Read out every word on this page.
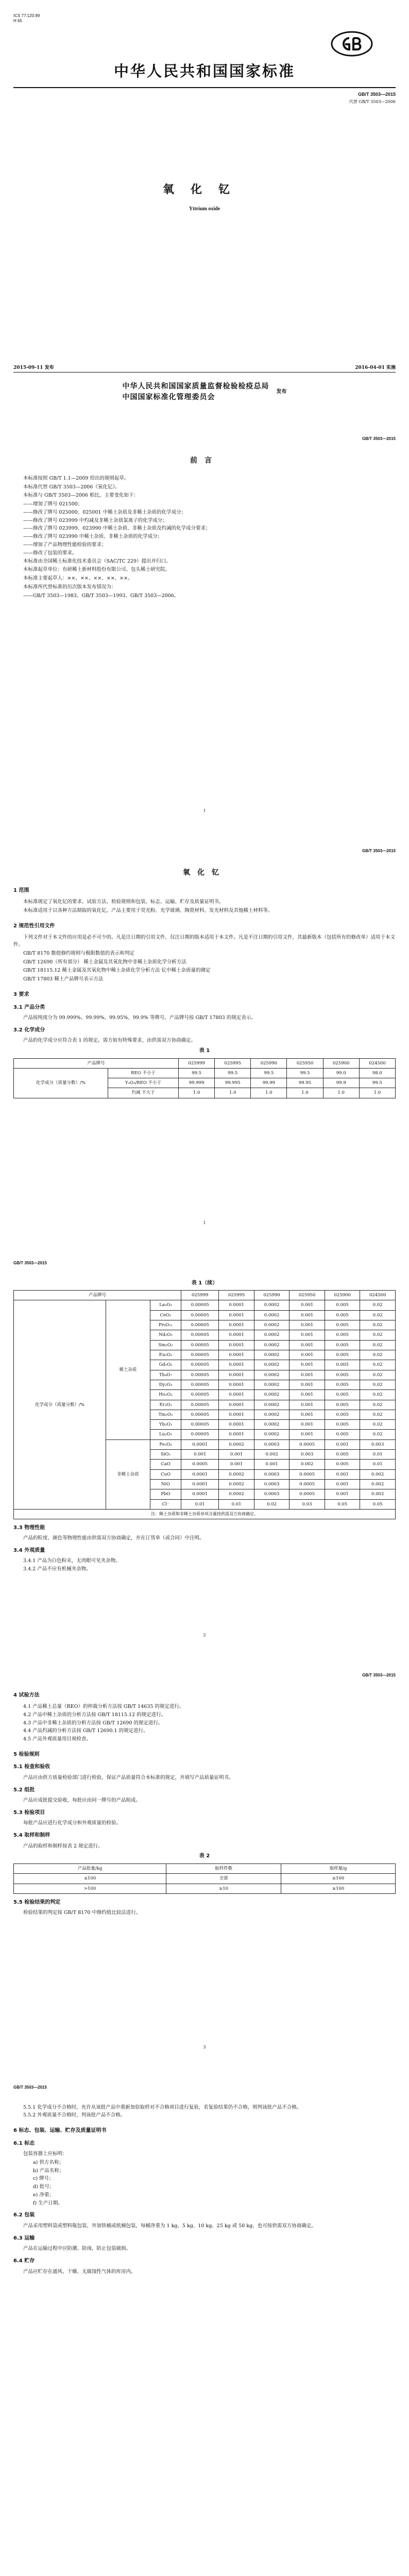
ICS 77.120.99
H 65
中华人民共和国国家标准
GB/T 3503—2015
代替 GB/T 3503—2006
氧化钇
Yttrium oxide
2015-09-11 发布	2016-04-01 实施
中华人民共和国国家质量监督检验检疫总局
中国国家标准化管理委员会
发布
GB/T 3503—2015
前言

本标准按照 GB/T 1.1—2009 给出的规则起草。

本标准代替 GB/T 3503—2006《氧化钇》。

本标准与 GB/T 3503—2006 相比，主要变化如下：

——增加了牌号 021500；

——修改了牌号 025000、025001 中稀土杂质及非稀土杂质的化学成分；

——修改了牌号 023999 中灼减及非稀土杂质氯离子的化学成分；

——修改了牌号 023999、023990 中稀土杂质、非稀土杂质及灼减的化学成分要求；

——修改了牌号 023990 中稀土杂质、非稀土杂质的化学成分；

——增加了产品物理性能检验的要求；

——修改了包装的要求。

本标准由全国稀土标准化技术委员会（SAC/TC 229）提出并归口。

本标准起草单位：有研稀土新材料股份有限公司、包头稀土研究院。

本标准主要起草人：××、××、××、××、××。

本标准所代替标准的历次版本发布情况为：

——GB/T 3503—1983、GB/T 3503—1993、GB/T 3503—2006。

I
GB/T 3503—2015
氧化钇
1 范围

本标准规定了氧化钇的要求、试验方法、检验规则和包装、标志、运输、贮存及质量证明书。

本标准适用于以各种方法制取的氧化钇，产品主要用于荧光粉、光学玻璃、陶瓷材料、发光材料及其他稀土材料等。

2 规范性引用文件

下列文件对于本文件的应用是必不可少的。凡是注日期的引用文件，仅注日期的版本适用于本文件。凡是不注日期的引用文件，其最新版本（包括所有的修改单）适用于本文件。

GB/T 8170 数值修约规则与极限数值的表示和判定

GB/T 12690（所有部分） 稀土金属及其氧化物中非稀土杂质化学分析方法

GB/T 18115.12 稀土金属及其氧化物中稀土杂质化学分析方法 钇中稀土杂质量的测定

GB/T 17803 稀土产品牌号表示方法

3 要求
3.1 产品分类

产品按纯度分为 99.999%、99.99%、99.95%、99.9% 等牌号，产品牌号按 GB/T 17803 的规定表示。

3.2 化学成分

产品的化学成分应符合表 1 的规定。需方如有特殊要求，由供需双方协商确定。

表 1
产品牌号		025999	025995	025990	025950	025900	024500
化学成分（质量分数）/%	REO 不小于	99.5	99.5	99.5	99.5	99.0	98.0
	Y₂O₃/REO 不小于	99.999	99.995	99.99	99.95	99.9	99.5
	灼减 不大于	1.0	1.0	1.0	1.0	1.0	1.0
1
GB/T 3503—2015
表 1（续）
产品牌号			025999	025995	025990	025950	025900	024500
化学成分（质量分数）/%	稀土杂质	La₂O₃	0.00005	0.0001	0.0002	0.001	0.005	0.02
		CeO₂	0.00005	0.0001	0.0002	0.001	0.005	0.02
		Pr₆O₁₁	0.00005	0.0001	0.0002	0.001	0.005	0.02
		Nd₂O₃	0.00005	0.0001	0.0002	0.001	0.005	0.02
		Sm₂O₃	0.00005	0.0001	0.0002	0.001	0.005	0.02
		Eu₂O₃	0.00005	0.0001	0.0002	0.001	0.005	0.02
		Gd₂O₃	0.00005	0.0001	0.0002	0.001	0.005	0.02
		Tb₄O₇	0.00005	0.0001	0.0002	0.001	0.005	0.02
		Dy₂O₃	0.00005	0.0001	0.0002	0.001	0.005	0.02
		Ho₂O₃	0.00005	0.0001	0.0002	0.001	0.005	0.02
		Er₂O₃	0.00005	0.0001	0.0002	0.001	0.005	0.02
		Tm₂O₃	0.00005	0.0001	0.0002	0.001	0.005	0.02
		Yb₂O₃	0.00005	0.0001	0.0002	0.001	0.005	0.02
		Lu₂O₃	0.00005	0.0001	0.0002	0.001	0.005	0.02
	非稀土杂质	Fe₂O₃	0.0001	0.0002	0.0003	0.0005	0.001	0.003
		SiO₂	0.001	0.001	0.002	0.003	0.005	0.01
		CaO	0.0005	0.001	0.001	0.002	0.005	0.01
		CuO	0.0001	0.0002	0.0003	0.0005	0.001	0.002
		NiO	0.0001	0.0002	0.0003	0.0005	0.001	0.002
		PbO	0.0001	0.0002	0.0003	0.0005	0.001	0.002
		Cl⁻	0.01	0.01	0.02	0.03	0.05	0.05
注：稀土杂质和非稀土杂质单项含量按供需双方协商确定。								
3.3 物理性能

产品的粒度、颜色等物理性能由供需双方协商确定，并在订货单（或合同）中注明。

3.4 外观质量

3.4.1 产品为白色粉末，无肉眼可见夹杂物。

3.4.2 产品不应有机械夹杂物。

2
GB/T 3503—2015
4 试验方法

4.1 产品稀土总量（REO）的仲裁分析方法按 GB/T 14635 的规定进行。

4.2 产品中稀土杂质的分析方法按 GB/T 18115.12 的规定进行。

4.3 产品中非稀土杂质的分析方法按 GB/T 12690 的规定进行。

4.4 产品灼减的分析方法按 GB/T 12690.1 的规定进行。

4.5 产品外观质量用目视检查。

5 检验规则
5.1 检查和验收

产品应由供方质量检验部门进行检验，保证产品质量符合本标准的规定，并填写产品质量证明书。

5.2 组批

产品应成批提交验收，每批应由同一牌号的产品组成。

5.3 检验项目

每批产品应进行化学成分和外观质量的检验。

5.4 取样和制样

产品的取样和制样按表 2 规定进行。

表 2
产品批量/kg	取样件数	取样量/g
≤100	全部	≥100
>100	≥10	≥100
5.5 检验结果的判定

检验结果的判定按 GB/T 8170 中修约值比较法进行。

3
GB/T 3503—2015

5.5.1 化学成分不合格时，允许从该批产品中重新加倍取样对不合格项目进行复验，若复验结果仍不合格，则判该批产品不合格。

5.5.2 外观质量不合格时，判该批产品不合格。

6 标志、包装、运输、贮存及质量证明书
6.1 标志

包装容器上应标明：

a) 供方名称；

b) 产品名称；

c) 牌号；

d) 批号；

e) 净重；

f) 生产日期。

6.2 包装

产品采用塑料袋或塑料瓶包装，外加铁桶或纸桶包装，每桶净重为 1 kg、5 kg、10 kg、25 kg 或 50 kg，也可按供需双方协商确定。

6.3 运输

产品在运输过程中应防潮、防雨，防止包装破损。

6.4 贮存

产品应贮存在通风、干燥、无腐蚀性气体的库房内。
